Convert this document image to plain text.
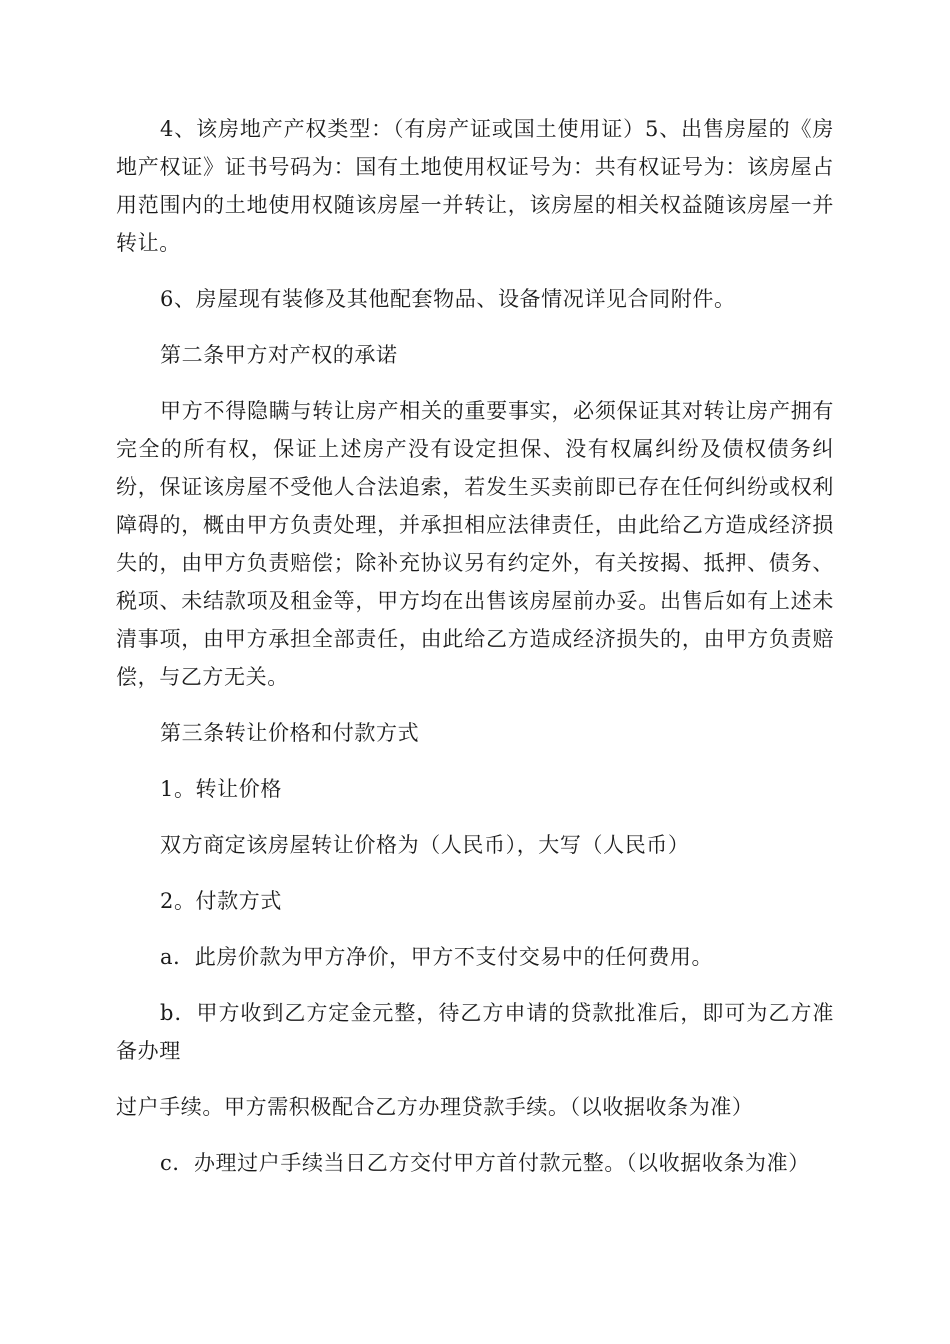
4、该房地产产权类型：（有房产证或国土使用证）5、出售房屋的《房地产权证》证书号码为：国有土地使用权证号为：共有权证号为：该房屋占用范围内的土地使用权随该房屋一并转让，该房屋的相关权益随该房屋一并转让。

6、房屋现有装修及其他配套物品、设备情况详见合同附件。

第二条甲方对产权的承诺

甲方不得隐瞒与转让房产相关的重要事实，必须保证其对转让房产拥有完全的所有权，保证上述房产没有设定担保、没有权属纠纷及债权债务纠纷，保证该房屋不受他人合法追索，若发生买卖前即已存在任何纠纷或权利障碍的，概由甲方负责处理，并承担相应法律责任，由此给乙方造成经济损失的，由甲方负责赔偿；除补充协议另有约定外，有关按揭、抵押、债务、税项、未结款项及租金等，甲方均在出售该房屋前办妥。出售后如有上述未清事项，由甲方承担全部责任，由此给乙方造成经济损失的，由甲方负责赔偿，与乙方无关。

第三条转让价格和付款方式

1。转让价格

双方商定该房屋转让价格为（人民币），大写（人民币）

2。付款方式

a．此房价款为甲方净价，甲方不支付交易中的任何费用。

b．甲方收到乙方定金元整，待乙方申请的贷款批准后，即可为乙方准备办理

过户手续。甲方需积极配合乙方办理贷款手续。（以收据收条为准）

c．办理过户手续当日乙方交付甲方首付款元整。（以收据收条为准）
